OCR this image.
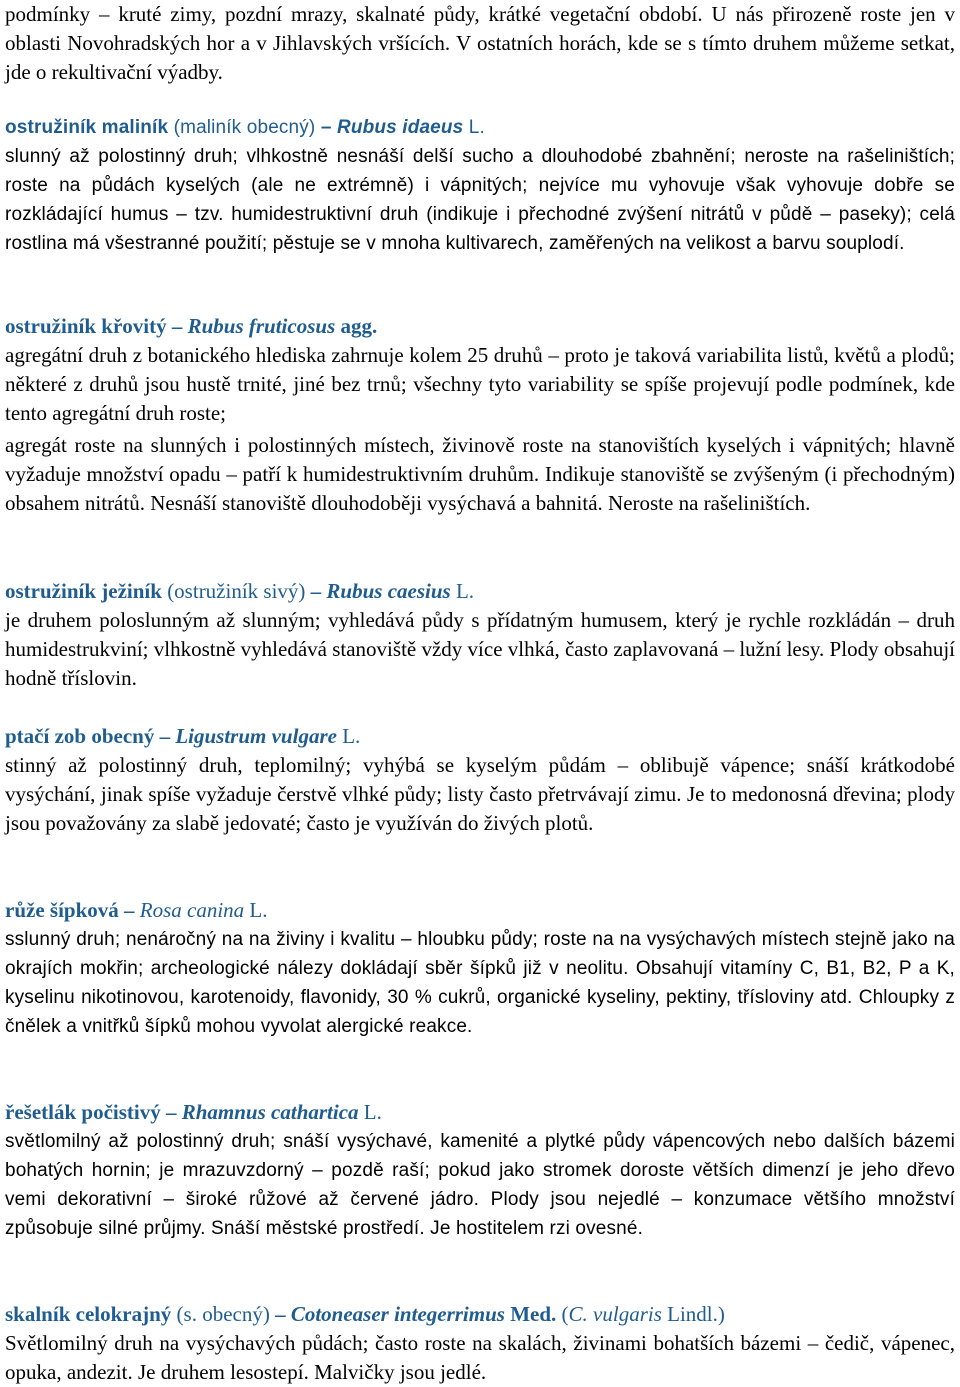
podmínky – kruté zimy, pozdní mrazy, skalnaté půdy, krátké vegetační období. U nás přirozeně roste jen v oblasti Novohradských hor a v Jihlavských vršících. V ostatních horách, kde se s tímto druhem můžeme setkat, jde o rekultivační výadby.

ostružiník maliník (maliník obecný) – Rubus idaeus L.

slunný až polostinný druh; vlhkostně nesnáší delší sucho a dlouhodobé zbahnění; neroste na rašeliništích; roste na půdách kyselých (ale ne extrémně) i vápnitých; nejvíce mu vyhovuje však vyhovuje dobře se rozkládající humus – tzv. humidestruktivní druh (indikuje i přechodné zvýšení nitrátů v půdě – paseky); celá rostlina má všestranné použití; pěstuje se v mnoha kultivarech, zaměřených na velikost a barvu souplodí.

ostružiník křovitý – Rubus fruticosus agg.

agregátní druh z botanického hlediska zahrnuje kolem 25 druhů – proto je taková variabilita listů, květů a plodů; některé z druhů jsou hustě trnité, jiné bez trnů; všechny tyto variability se spíše projevují podle podmínek, kde tento agregátní druh roste;

agregát roste na slunných i polostinných místech, živinově roste na stanovištích kyselých i vápnitých; hlavně vyžaduje množství opadu – patří k humidestruktivním druhům. Indikuje stanoviště se zvýšeným (i přechodným) obsahem nitrátů. Nesnáší stanoviště dlouhodoběji vysýchavá a bahnitá. Neroste na rašeliništích.

ostružiník ježiník (ostružiník sivý) – Rubus caesius L.

je druhem poloslunným až slunným; vyhledává půdy s přídatným humusem, který je rychle rozkládán – druh humidestrukviní; vlhkostně vyhledává stanoviště vždy více vlhká, často zaplavovaná – lužní lesy. Plody obsahují hodně tříslovin.

ptačí zob obecný – Ligustrum vulgare L.

stinný až polostinný druh, teplomilný; vyhýbá se kyselým půdám – oblibujě vápence; snáší krátkodobé vysýchání, jinak spíše vyžaduje čerstvě vlhké půdy; listy často přetrvávají zimu. Je to medonosná dřevina; plody jsou považovány za slabě jedovaté; často je využíván do živých plotů.

růže šípková – Rosa canina L.

sslunný druh; nenáročný na na živiny i kvalitu – hloubku půdy; roste na na vysýchavých místech stejně jako na okrajích mokřin; archeologické nálezy dokládají sběr šípků již v neolitu. Obsahují vitamíny C, B1, B2, P a K, kyselinu nikotinovou, karotenoidy, flavonidy, 30 % cukrů, organické kyseliny, pektiny, třísloviny atd. Chloupky z čnělek a vnitřků šípků mohou vyvolat alergické reakce.

řešetlák počistivý – Rhamnus cathartica L.

světlomilný až polostinný druh; snáší vysýchavé, kamenité a plytké půdy vápencových nebo dalších bázemi bohatých hornin; je mrazuvzdorný – pozdě raší; pokud jako stromek doroste větších dimenzí je jeho dřevo vemi dekorativní – široké růžové až červené jádro. Plody jsou nejedlé – konzumace většího množství způsobuje silné průjmy. Snáší městské prostředí. Je hostitelem rzi ovesné.

skalník celokrajný (s. obecný) – Cotoneaser integerrimus Med. (C. vulgaris Lindl.)

Světlomilný druh na vysýchavých půdách; často roste na skalách, živinami bohatších bázemi – čedič, vápenec, opuka, andezit. Je druhem lesostepí. Malvičky jsou jedlé.
